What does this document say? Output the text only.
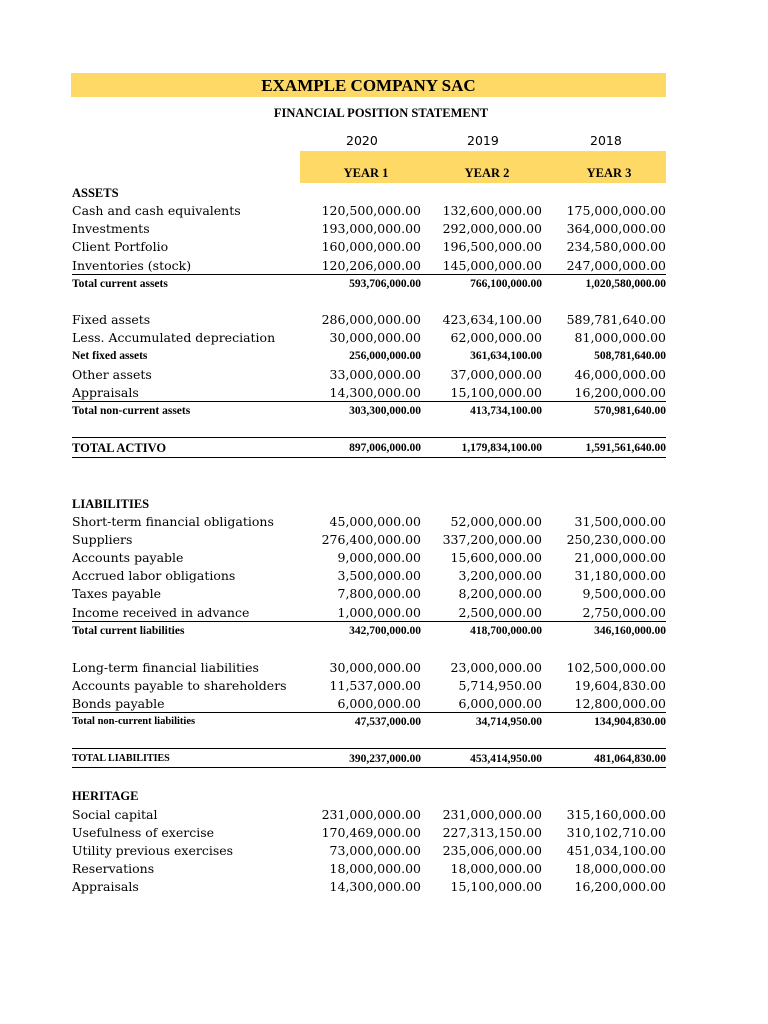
EXAMPLE COMPANY SAC
FINANCIAL POSITION STATEMENT
2020	2019	2018
YEAR 1	YEAR 2	YEAR 3
ASSETS
Cash and cash equivalents	120,500,000.00 132,600,000.00 175,000,000.00
Investments	193,000,000.00 292,000,000.00 364,000,000.00
Client Portfolio	160,000,000.00 196,500,000.00 234,580,000.00
Inventories (stock)	120,206,000.00 145,000,000.00 247,000,000.00
Total current assets	593,706,000.00	766,100,000.00	1,020,580,000.00
Fixed assets	286,000,000.00 423,634,100.00 589,781,640.00
Less. Accumulated depreciation	30,000,000.00 62,000,000.00	81,000,000.00
Net fixed assets	256,000,000.00	361,634,100.00	508,781,640.00
Other assets	33,000,000.00 37,000,000.00	46,000,000.00
Appraisals	14,300,000.00 15,100,000.00	16,200,000.00
Total non-current assets	303,300,000.00	413,734,100.00	570,981,640.00
TOTAL ACTIVO	897,006,000.00	1,179,834,100.00	1,591,561,640.00
LIABILITIES
Short-term financial obligations	45,000,000.00 52,000,000.00	31,500,000.00
Suppliers	276,400,000.00 337,200,000.00 250,230,000.00
Accounts payable	9,000,000.00 15,600,000.00	21,000,000.00
Accrued labor obligations	3,500,000.00	3,200,000.00	31,180,000.00
Taxes payable	7,800,000.00	8,200,000.00	9,500,000.00
Income received in advance	1,000,000.00	2,500,000.00	2,750,000.00
Total current liabilities	342,700,000.00	418,700,000.00	346,160,000.00
Long-term financial liabilities	30,000,000.00 23,000,000.00 102,500,000.00
Accounts payable to shareholders	11,537,000.00	5,714,950.00	19,604,830.00
Bonds payable	6,000,000.00	6,000,000.00	12,800,000.00
Total non-current liabilities	47,537,000.00	34,714,950.00	134,904,830.00
TOTAL LIABILITIES	390,237,000.00	453,414,950.00	481,064,830.00
HERITAGE
Social capital	231,000,000.00 231,000,000.00 315,160,000.00
Usefulness of exercise	170,469,000.00 227,313,150.00 310,102,710.00
Utility previous exercises	73,000,000.00 235,006,000.00 451,034,100.00
Reservations	18,000,000.00 18,000,000.00	18,000,000.00
Appraisals	14,300,000.00 15,100,000.00	16,200,000.00
